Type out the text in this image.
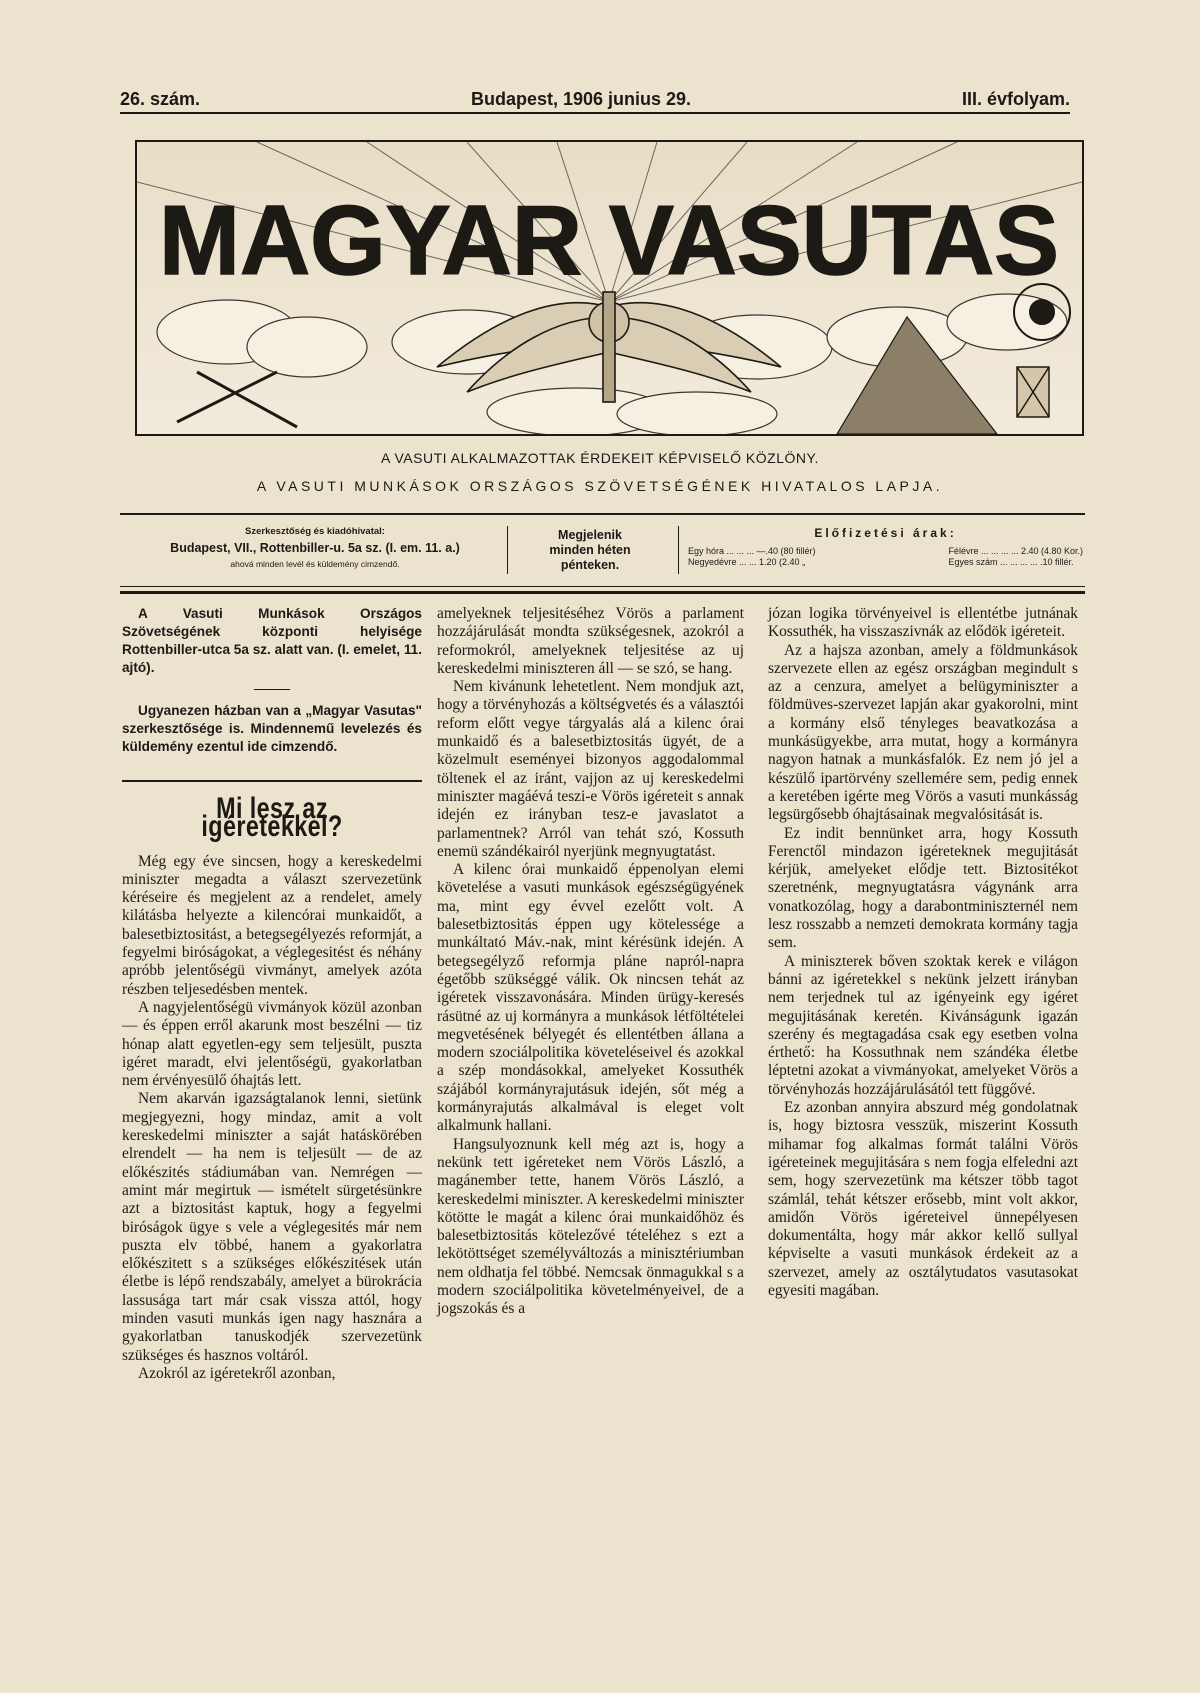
26. szám.	Budapest, 1906 junius 29.	III. évfolyam.
MAGYAR VASUTAS
A VASUTI ALKALMAZOTTAK ÉRDEKEIT KÉPVISELŐ KÖZLÖNY.
A VASUTI MUNKÁSOK ORSZÁGOS SZÖVETSÉGÉNEK HIVATALOS LAPJA.
Szerkesztőség és kiadóhivatal:
Budapest, VII., Rottenbiller-u. 5a sz. (I. em. 11. a.)
ahová minden levél és küldemény cimzendő.
Megjelenik
minden héten
pénteken.
Előfizetési árak:
Egy hóra ... ... ... —.40 (80 fillér)
Negyedévre ... ... 1.20 (2.40 „
Félévre ... ... ... ... 2.40 (4.80 Kor.)
Egyes szám ... ... ... ... .10 fillér.

A Vasuti Munkások Országos Szövetségének központi helyisége Rottenbiller-utca 5a sz. alatt van. (I. emelet, 11. ajtó).

Ugyanezen házban van a „Magyar Vasutas" szerkesztősége is. Mindennemű levelezés és küldemény ezentul ide cimzendő.

Mi lesz az igéretekkel?

Még egy éve sincsen, hogy a kereskedelmi miniszter megadta a választ szervezetünk kéréseire és megjelent az a rendelet, amely kilátásba helyezte a kilencórai munkaidőt, a balesetbiztositást, a betegsegélyezés reformját, a fegyelmi biróságokat, a véglegesitést és néhány apróbb jelentőségü vivmányt, amelyek azóta részben teljesedésben mentek.

A nagyjelentőségü vivmányok közül azonban — és éppen erről akarunk most beszélni — tiz hónap alatt egyetlen-egy sem teljesült, puszta igéret maradt, elvi jelentőségü, gyakorlatban nem érvényesülő óhajtás lett.

Nem akarván igazságtalanok lenni, sietünk megjegyezni, hogy mindaz, amit a volt kereskedelmi miniszter a saját hatáskörében elrendelt — ha nem is teljesült — de az előkészités stádiumában van. Nemrégen — amint már megirtuk — ismételt sürgetésünkre azt a biztositást kaptuk, hogy a fegyelmi biróságok ügye s vele a véglegesités már nem puszta elv többé, hanem a gyakorlatra előkészitett s a szükséges előkészitések után életbe is lépő rendszabály, amelyet a bürokrácia lassusága tart már csak vissza attól, hogy minden vasuti munkás igen nagy hasznára a gyakorlatban tanuskodjék szervezetünk szükséges és hasznos voltáról.

Azokról az igéretekről azonban,

amelyeknek teljesitéséhez Vörös a parlament hozzájárulását mondta szükségesnek, azokról a reformokról, amelyeknek teljesitése az uj kereskedelmi miniszteren áll — se szó, se hang.

Nem kivánunk lehetetlent. Nem mondjuk azt, hogy a törvényhozás a költségvetés és a választói reform előtt vegye tárgyalás alá a kilenc órai munkaidő és a balesetbiztositás ügyét, de a közelmult eseményei bizonyos aggodalommal töltenek el az iránt, vajjon az uj kereskedelmi miniszter magáévá teszi-e Vörös igéreteit s annak idején ez irányban tesz-e javaslatot a parlamentnek? Arról van tehát szó, Kossuth enemü szándékairól nyerjünk megnyugtatást.

A kilenc órai munkaidő éppenolyan elemi követelése a vasuti munkások egészségügyének ma, mint egy évvel ezelőtt volt. A balesetbiztositás éppen ugy kötelessége a munkáltató Máv.-nak, mint kérésünk idején. A betegsegélyző reformja pláne napról-napra égetőbb szükséggé válik. Ok nincsen tehát az igéretek visszavonására. Minden ürügy-keresés rásütné az uj kormányra a munkások létföltételei megvetésének bélyegét és ellentétben állana a modern szociálpolitika követeléseivel és azokkal a szép mondásokkal, amelyeket Kossuthék szájából kormányrajutásuk idején, sőt még a kormányrajutás alkalmával is eleget volt alkalmunk hallani.

Hangsulyoznunk kell még azt is, hogy a nekünk tett igéreteket nem Vörös László, a magánember tette, hanem Vörös László, a kereskedelmi miniszter. A kereskedelmi miniszter kötötte le magát a kilenc órai munkaidőhöz és balesetbiztositás kötelezővé tételéhez s ezt a lekötöttséget személyváltozás a minisztériumban nem oldhatja fel többé. Nemcsak önmagukkal s a modern szociálpolitika követelményeivel, de a jogszokás és a

józan logika törvényeivel is ellentétbe jutnának Kossuthék, ha visszaszivnák az elődök igéreteit.

Az a hajsza azonban, amely a földmunkások szervezete ellen az egész országban megindult s az a cenzura, amelyet a belügyminiszter a földmüves-szervezet lapján akar gyakorolni, mint a kormány első tényleges beavatkozása a munkásügyekbe, arra mutat, hogy a kormányra nagyon hatnak a munkásfalók. Ez nem jó jel a készülő ipartörvény szellemére sem, pedig ennek a keretében igérte meg Vörös a vasuti munkásság legsürgősebb óhajtásainak megvalósitását is.

Ez indit bennünket arra, hogy Kossuth Ferenctől mindazon igéreteknek megujitását kérjük, amelyeket elődje tett. Biztositékot szeretnénk, megnyugtatásra vágynánk arra vonatkozólag, hogy a darabontminiszternél nem lesz rosszabb a nemzeti demokrata kormány tagja sem.

A miniszterek bőven szoktak kerek e világon bánni az igéretekkel s nekünk jelzett irányban nem terjednek tul az igényeink egy igéret megujitásának keretén. Kivánságunk igazán szerény és megtagadása csak egy esetben volna érthető: ha Kossuthnak nem szándéka életbe léptetni azokat a vivmányokat, amelyeket Vörös a törvényhozás hozzájárulásától tett függővé.

Ez azonban annyira abszurd még gondolatnak is, hogy biztosra vesszük, miszerint Kossuth mihamar fog alkalmas formát találni Vörös igéreteinek megujitására s nem fogja elfeledni azt sem, hogy szervezetünk ma kétszer több tagot számlál, tehát kétszer erősebb, mint volt akkor, amidőn Vörös igéreteivel ünnepélyesen dokumentálta, hogy már akkor kellő sullyal képviselte a vasuti munkások érdekeit az a szervezet, amely az osztálytudatos vasutasokat egyesiti magában.
